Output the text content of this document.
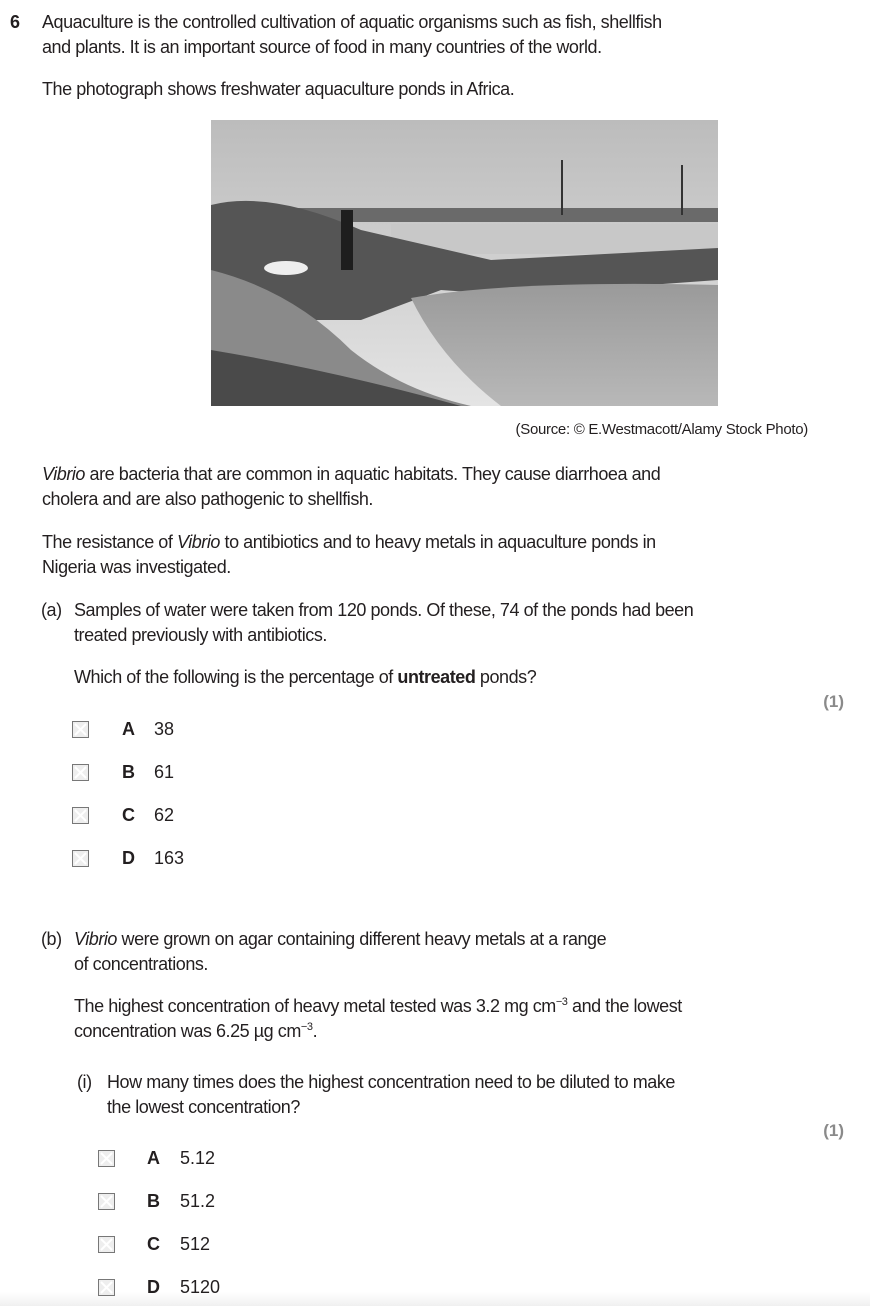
6 Aquaculture is the controlled cultivation of aquatic organisms such as fish, shellfish
and plants. It is an important source of food in many countries of the world.
The photograph shows freshwater aquaculture ponds in Africa.
(Source: © E.Westmacott/Alamy Stock Photo)
Vibrio are bacteria that are common in aquatic habitats. They cause diarrhoea and
cholera and are also pathogenic to shellfish.
The resistance of Vibrio to antibiotics and to heavy metals in aquaculture ponds in
Nigeria was investigated.
(a) Samples of water were taken from 120 ponds. Of these, 74 of the ponds had been
treated previously with antibiotics.
Which of the following is the percentage of untreated ponds?
(1)
A 38
B 61
C 62
D 163
(b) Vibrio were grown on agar containing different heavy metals at a range
of concentrations.
The highest concentration of heavy metal tested was 3.2 mg $cm^{-3}$ and the lowest
concentration was 6.25 µg $cm^{-3}$.
(i) How many times does the highest concentration need to be diluted to make
the lowest concentration?
(1)
A 5.12
B 51.2
C 512
D 5120
